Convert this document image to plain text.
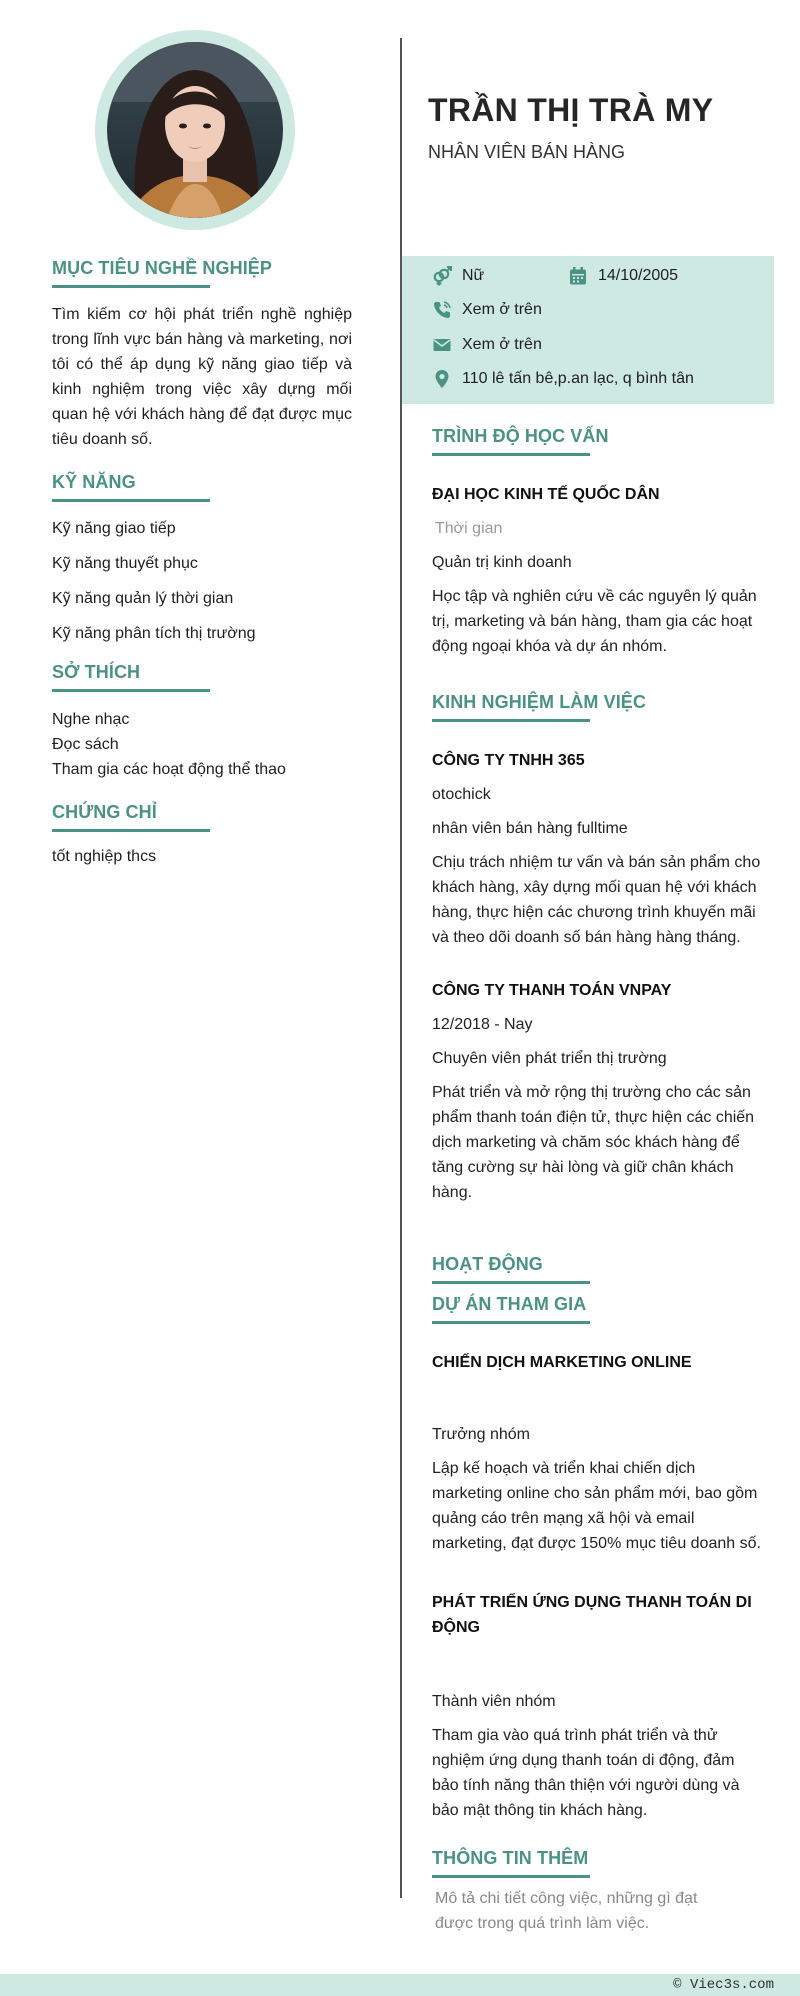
MỤC TIÊU NGHỀ NGHIỆP

Tìm kiếm cơ hội phát triển nghề nghiệp trong lĩnh vực bán hàng và marketing, nơi tôi có thể áp dụng kỹ năng giao tiếp và kinh nghiệm trong việc xây dựng mối quan hệ với khách hàng để đạt được mục tiêu doanh số.

KỸ NĂNG
Kỹ năng giao tiếp
Kỹ năng thuyết phục
Kỹ năng quản lý thời gian
Kỹ năng phân tích thị trường
SỞ THÍCH
Nghe nhạc
Đọc sách
Tham gia các hoạt động thể thao
CHỨNG CHỈ
tốt nghiệp thcs
TRẦN THỊ TRÀ MY
NHÂN VIÊN BÁN HÀNG
Nữ	14/10/2005
Xem ở trên
Xem ở trên
110 lê tấn bê,p.an lạc, q bình tân
TRÌNH ĐỘ HỌC VẤN
ĐẠI HỌC KINH TẾ QUỐC DÂN
Thời gian
Quản trị kinh doanh
Học tập và nghiên cứu về các nguyên lý quản trị, marketing và bán hàng, tham gia các hoạt động ngoại khóa và dự án nhóm.
KINH NGHIỆM LÀM VIỆC
CÔNG TY TNHH 365
otochick
nhân viên bán hàng fulltime
Chịu trách nhiệm tư vấn và bán sản phẩm cho khách hàng, xây dựng mối quan hệ với khách hàng, thực hiện các chương trình khuyến mãi và theo dõi doanh số bán hàng hàng tháng.
CÔNG TY THANH TOÁN VNPAY
12/2018 - Nay
Chuyên viên phát triển thị trường
Phát triển và mở rộng thị trường cho các sản phẩm thanh toán điện tử, thực hiện các chiến dịch marketing và chăm sóc khách hàng để tăng cường sự hài lòng và giữ chân khách hàng.
HOẠT ĐỘNG
DỰ ÁN THAM GIA
CHIẾN DỊCH MARKETING ONLINE
Trưởng nhóm
Lập kế hoạch và triển khai chiến dịch marketing online cho sản phẩm mới, bao gồm quảng cáo trên mạng xã hội và email marketing, đạt được 150% mục tiêu doanh số.
PHÁT TRIỂN ỨNG DỤNG THANH TOÁN DI ĐỘNG
Thành viên nhóm
Tham gia vào quá trình phát triển và thử nghiệm ứng dụng thanh toán di động, đảm bảo tính năng thân thiện với người dùng và bảo mật thông tin khách hàng.
THÔNG TIN THÊM
Mô tả chi tiết công việc, những gì đạt được trong quá trình làm việc.
© Viec3s.com
